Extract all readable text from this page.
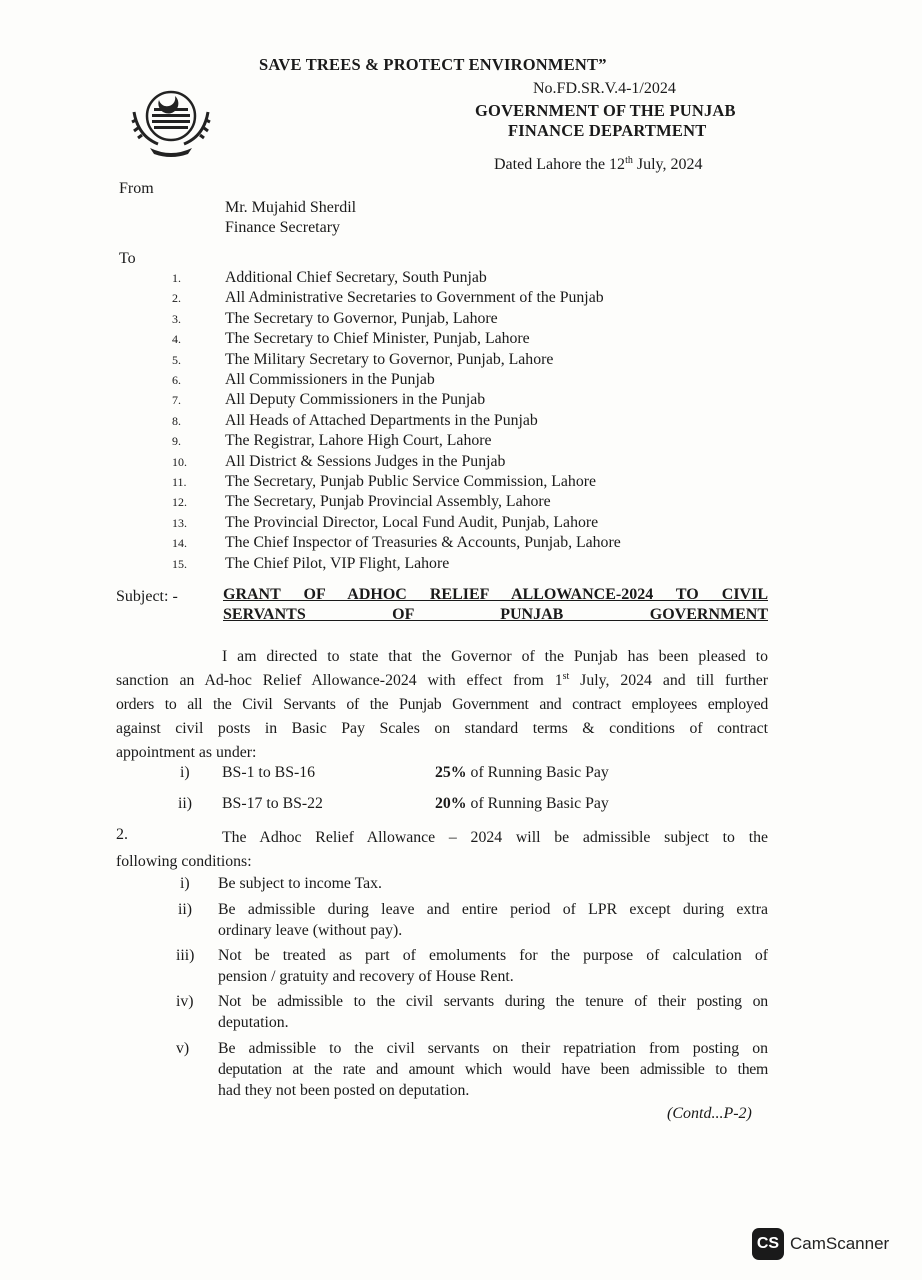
SAVE TREES & PROTECT ENVIRONMENT”
No.FD.SR.V.4-1/2024
GOVERNMENT OF THE PUNJAB
FINANCE DEPARTMENT
Dated Lahore the 12th July, 2024
From
Mr. Mujahid Sherdil
Finance Secretary
To
1.	Additional Chief Secretary, South Punjab
2.	All Administrative Secretaries to Government of the Punjab
3.	The Secretary to Governor, Punjab, Lahore
4.	The Secretary to Chief Minister, Punjab, Lahore
5.	The Military Secretary to Governor, Punjab, Lahore
6.	All Commissioners in the Punjab
7.	All Deputy Commissioners in the Punjab
8.	All Heads of Attached Departments in the Punjab
9.	The Registrar, Lahore High Court, Lahore
10. All District & Sessions Judges in the Punjab
11. The Secretary, Punjab Public Service Commission, Lahore
12. The Secretary, Punjab Provincial Assembly, Lahore
13. The Provincial Director, Local Fund Audit, Punjab, Lahore
14. The Chief Inspector of Treasuries & Accounts, Punjab, Lahore
15. The Chief Pilot, VIP Flight, Lahore
Subject: -	GRANT OF ADHOC RELIEF ALLOWANCE-2024 TO CIVIL
SERVANTS OF PUNJAB GOVERNMENT
I am directed to state that the Governor of the Punjab has been pleased to
sanction an Ad-hoc Relief Allowance-2024 with effect from 1st July, 2024 and till further
orders to all the Civil Servants of the Punjab Government and contract employees employed
against civil posts in Basic Pay Scales on standard terms & conditions of contract
appointment as under:
i) BS-1 to BS-16	25% of Running Basic Pay
ii) BS-17 to BS-22	20% of Running Basic Pay
2.	The Adhoc Relief Allowance – 2024 will be admissible subject to the
following conditions:
i) Be subject to income Tax.
ii) Be admissible during leave and entire period of LPR except during extra
ordinary leave (without pay).
iii) Not be treated as part of emoluments for the purpose of calculation of
pension / gratuity and recovery of House Rent.
iv) Not be admissible to the civil servants during the tenure of their posting on
deputation.
v) Be admissible to the civil servants on their repatriation from posting on
deputation at the rate and amount which would have been admissible to them
had they not been posted on deputation.
(Contd...P-2)
CS CamScanner
